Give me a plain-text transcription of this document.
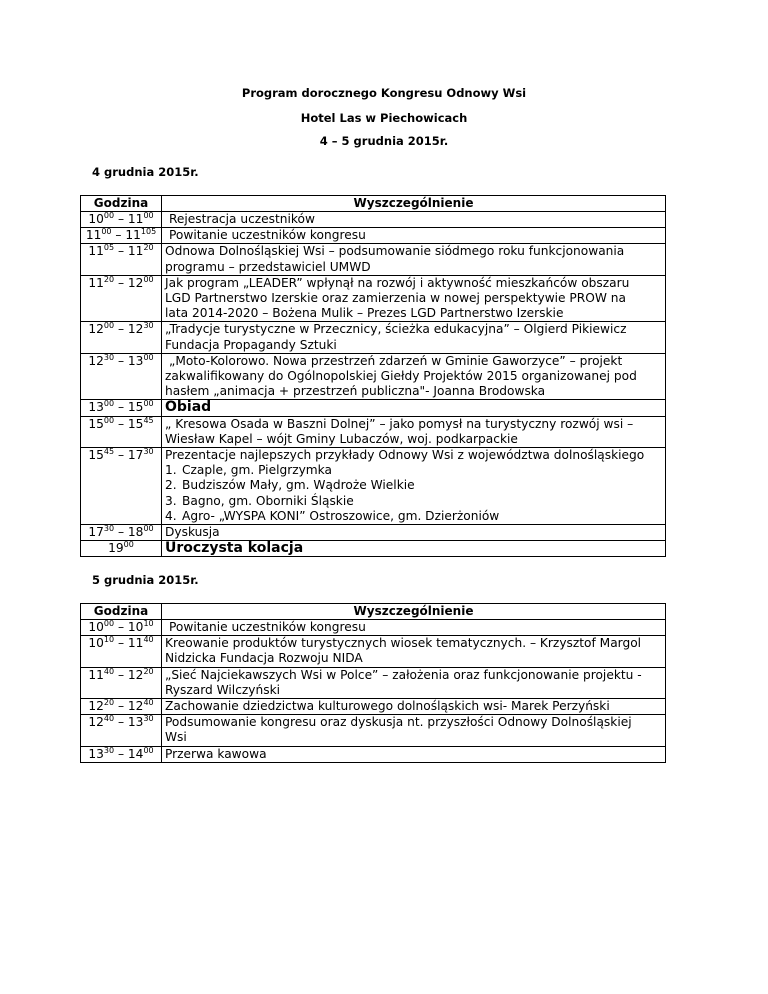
Program dorocznego Kongresu Odnowy Wsi
Hotel Las w Piechowicach
4 – 5 grudnia 2015r.
4 grudnia 2015r.
Godzina	Wyszczególnienie
$10^{00} - 11^{00}$	Rejestracja uczestników

$11^{00} - 11^{105}$	Powitanie uczestników kongresu

$11^{05} - 11^{20}$	Odnowa Dolnośląskiej Wsi – podsumowanie siódmego roku funkcjonowania
programu – przedstawiciel UMWD

$11^{20} - 12^{00}$	Jak program „LEADER” wpłynął na rozwój i aktywność mieszkańców obszaru
LGD Partnerstwo Izerskie oraz zamierzenia w nowej perspektywie PROW na
lata 2014-2020 – Bożena Mulik – Prezes LGD Partnerstwo Izerskie

$12^{00} - 12^{30}$	„Tradycje turystyczne w Przecznicy, ścieżka edukacyjna” – Olgierd Pikiewicz
Fundacja Propagandy Sztuki

$12^{30} - 13^{00}$	„Moto-Kolorowo. Nowa przestrzeń zdarzeń w Gminie Gaworzyce” – projekt
zakwalifikowany do Ogólnopolskiej Giełdy Projektów 2015 organizowanej pod
hasłem „animacja + przestrzeń publiczna"- Joanna Brodowska

$13^{00} - 15^{00}$	Obiad

$15^{00} - 15^{45}$	„ Kresowa Osada w Baszni Dolnej” – jako pomysł na turystyczny rozwój wsi –
Wiesław Kapel – wójt Gminy Lubaczów, woj. podkarpackie

$15^{45} - 17^{30}$	Prezentacje najlepszych przykłady Odnowy Wsi z województwa dolnośląskiego
1. Czaple, gm. Pielgrzymka
2. Budziszów Mały, gm. Wądroże Wielkie
3. Bagno, gm. Oborniki Śląskie
4. Agro- „WYSPA KONI” Ostroszowice, gm. Dzierżoniów

$17^{30} - 18^{00}$	Dyskusja

$19^{00}$	Uroczysta kolacja
5 grudnia 2015r.
Godzina	Wyszczególnienie
$10^{00} - 10^{10}$	Powitanie uczestników kongresu

$10^{10} - 11^{40}$	Kreowanie produktów turystycznych wiosek tematycznych. – Krzysztof Margol
Nidzicka Fundacja Rozwoju NIDA

$11^{40} - 12^{20}$	„Sieć Najciekawszych Wsi w Polce” – założenia oraz funkcjonowanie projektu -
Ryszard Wilczyński

$12^{20} - 12^{40}$	Zachowanie dziedzictwa kulturowego dolnośląskich wsi- Marek Perzyński

$12^{40} - 13^{30}$	Podsumowanie kongresu oraz dyskusja nt. przyszłości Odnowy Dolnośląskiej
Wsi

$13^{30} - 14^{00}$	Przerwa kawowa
